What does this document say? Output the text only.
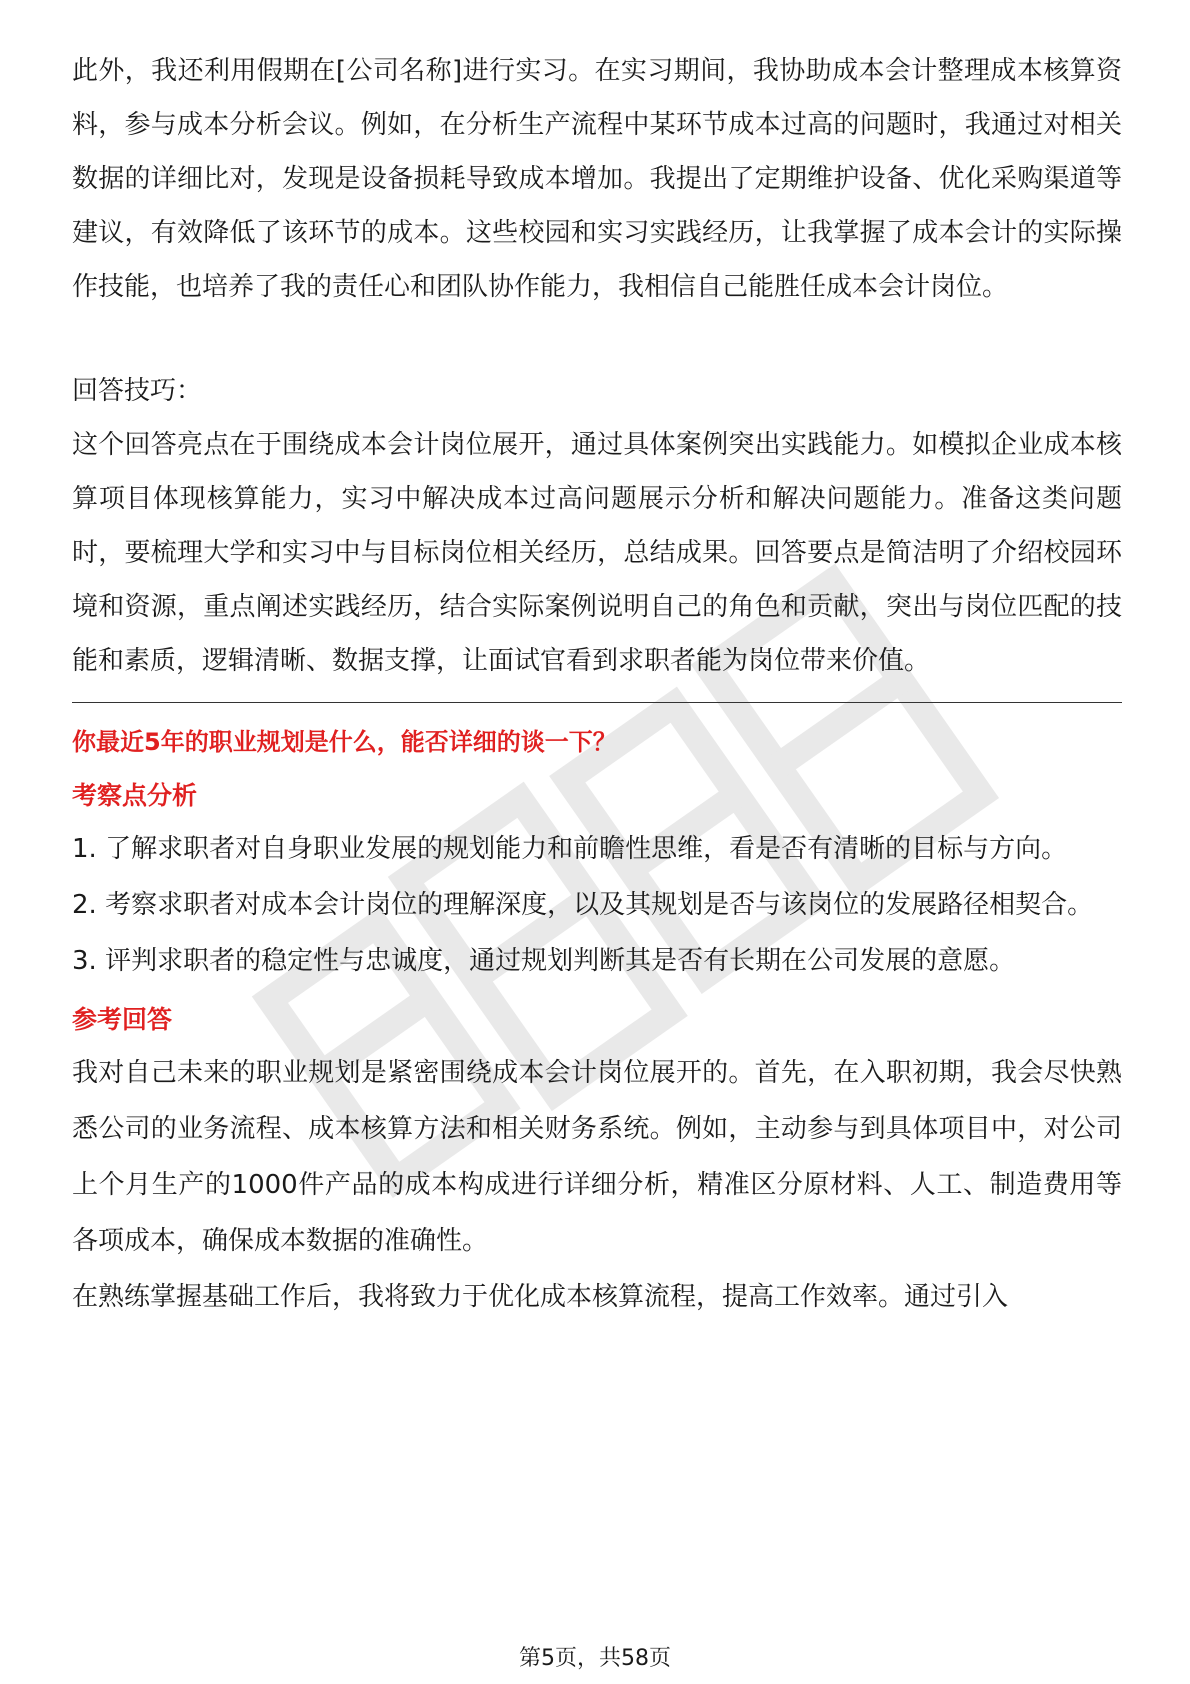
此外，我还利用假期在[公司名称]进行实习。在实习期间，我协助成本会计整理成本核算资料，参与成本分析会议。例如，在分析生产流程中某环节成本过高的问题时，我通过对相关数据的详细比对，发现是设备损耗导致成本增加。我提出了定期维护设备、优化采购渠道等建议，有效降低了该环节的成本。这些校园和实习实践经历，让我掌握了成本会计的实际操作技能，也培养了我的责任心和团队协作能力，我相信自己能胜任成本会计岗位。

回答技巧：

这个回答亮点在于围绕成本会计岗位展开，通过具体案例突出实践能力。如模拟企业成本核算项目体现核算能力，实习中解决成本过高问题展示分析和解决问题能力。准备这类问题时，要梳理大学和实习中与目标岗位相关经历，总结成果。回答要点是简洁明了介绍校园环境和资源，重点阐述实践经历，结合实际案例说明自己的角色和贡献，突出与岗位匹配的技能和素质，逻辑清晰、数据支撑，让面试官看到求职者能为岗位带来价值。

你最近5年的职业规划是什么，能否详细的谈一下？

考察点分析

1. 了解求职者对自身职业发展的规划能力和前瞻性思维，看是否有清晰的目标与方向。

2. 考察求职者对成本会计岗位的理解深度，以及其规划是否与该岗位的发展路径相契合。

3. 评判求职者的稳定性与忠诚度，通过规划判断其是否有长期在公司发展的意愿。

参考回答

我对自己未来的职业规划是紧密围绕成本会计岗位展开的。首先，在入职初期，我会尽快熟悉公司的业务流程、成本核算方法和相关财务系统。例如，主动参与到具体项目中，对公司上个月生产的1000件产品的成本构成进行详细分析，精准区分原材料、人工、制造费用等各项成本，确保成本数据的准确性。

在熟练掌握基础工作后，我将致力于优化成本核算流程，提高工作效率。通过引入

第5页，共58页
